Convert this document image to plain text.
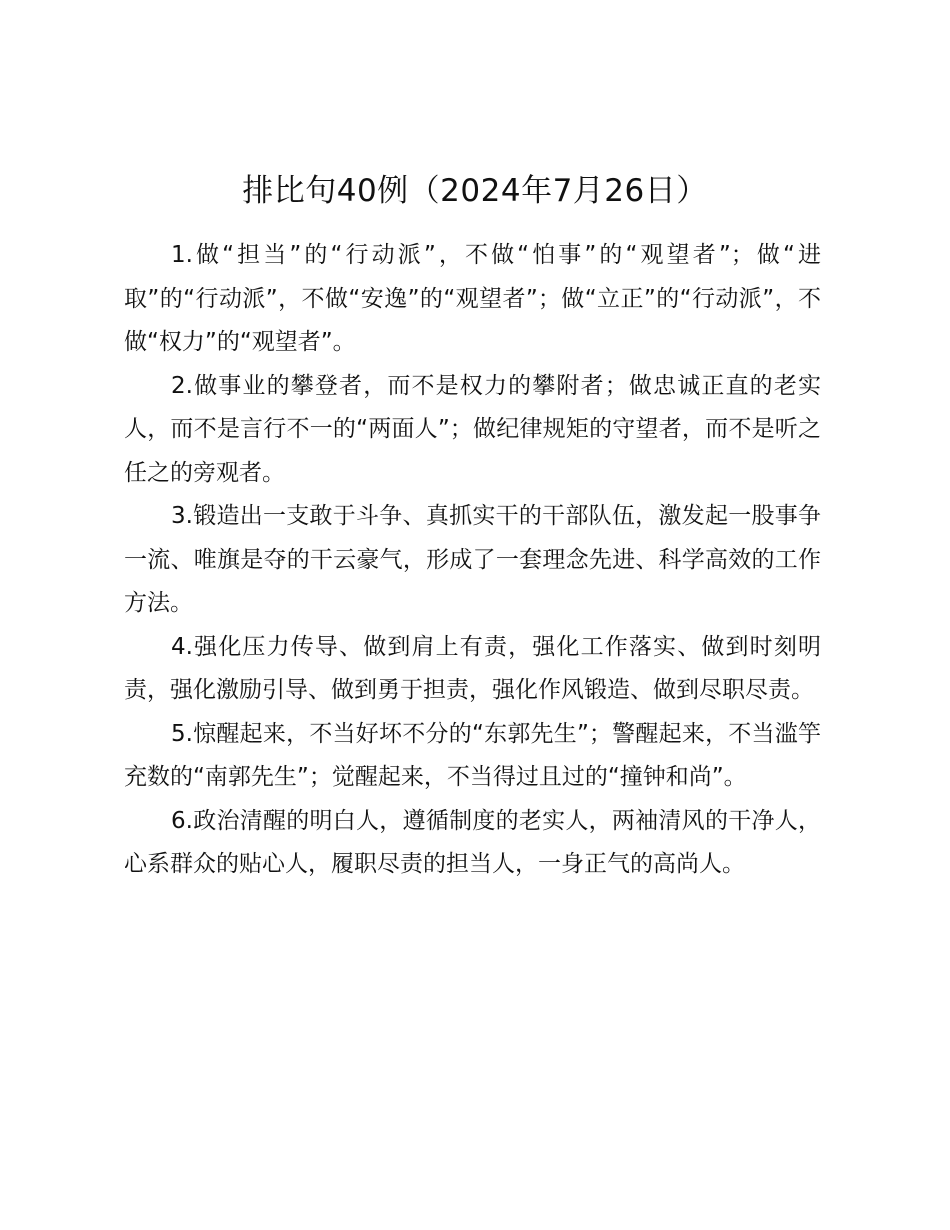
排比句40例（2024年7月26日）

1.做“担当”的“行动派”，不做“怕事”的“观望者”；做“进取”的“行动派”，不做“安逸”的“观望者”；做“立正”的“行动派”，不做“权力”的“观望者”。

2.做事业的攀登者，而不是权力的攀附者；做忠诚正直的老实人，而不是言行不一的“两面人”；做纪律规矩的守望者，而不是听之任之的旁观者。

3.锻造出一支敢于斗争、真抓实干的干部队伍，激发起一股事争一流、唯旗是夺的干云豪气，形成了一套理念先进、科学高效的工作方法。

4.强化压力传导、做到肩上有责，强化工作落实、做到时刻明责，强化激励引导、做到勇于担责，强化作风锻造、做到尽职尽责。

5.惊醒起来，不当好坏不分的“东郭先生”；警醒起来，不当滥竽充数的“南郭先生”；觉醒起来，不当得过且过的“撞钟和尚”。

6.政治清醒的明白人，遵循制度的老实人，两袖清风的干净人，心系群众的贴心人，履职尽责的担当人，一身正气的高尚人。
